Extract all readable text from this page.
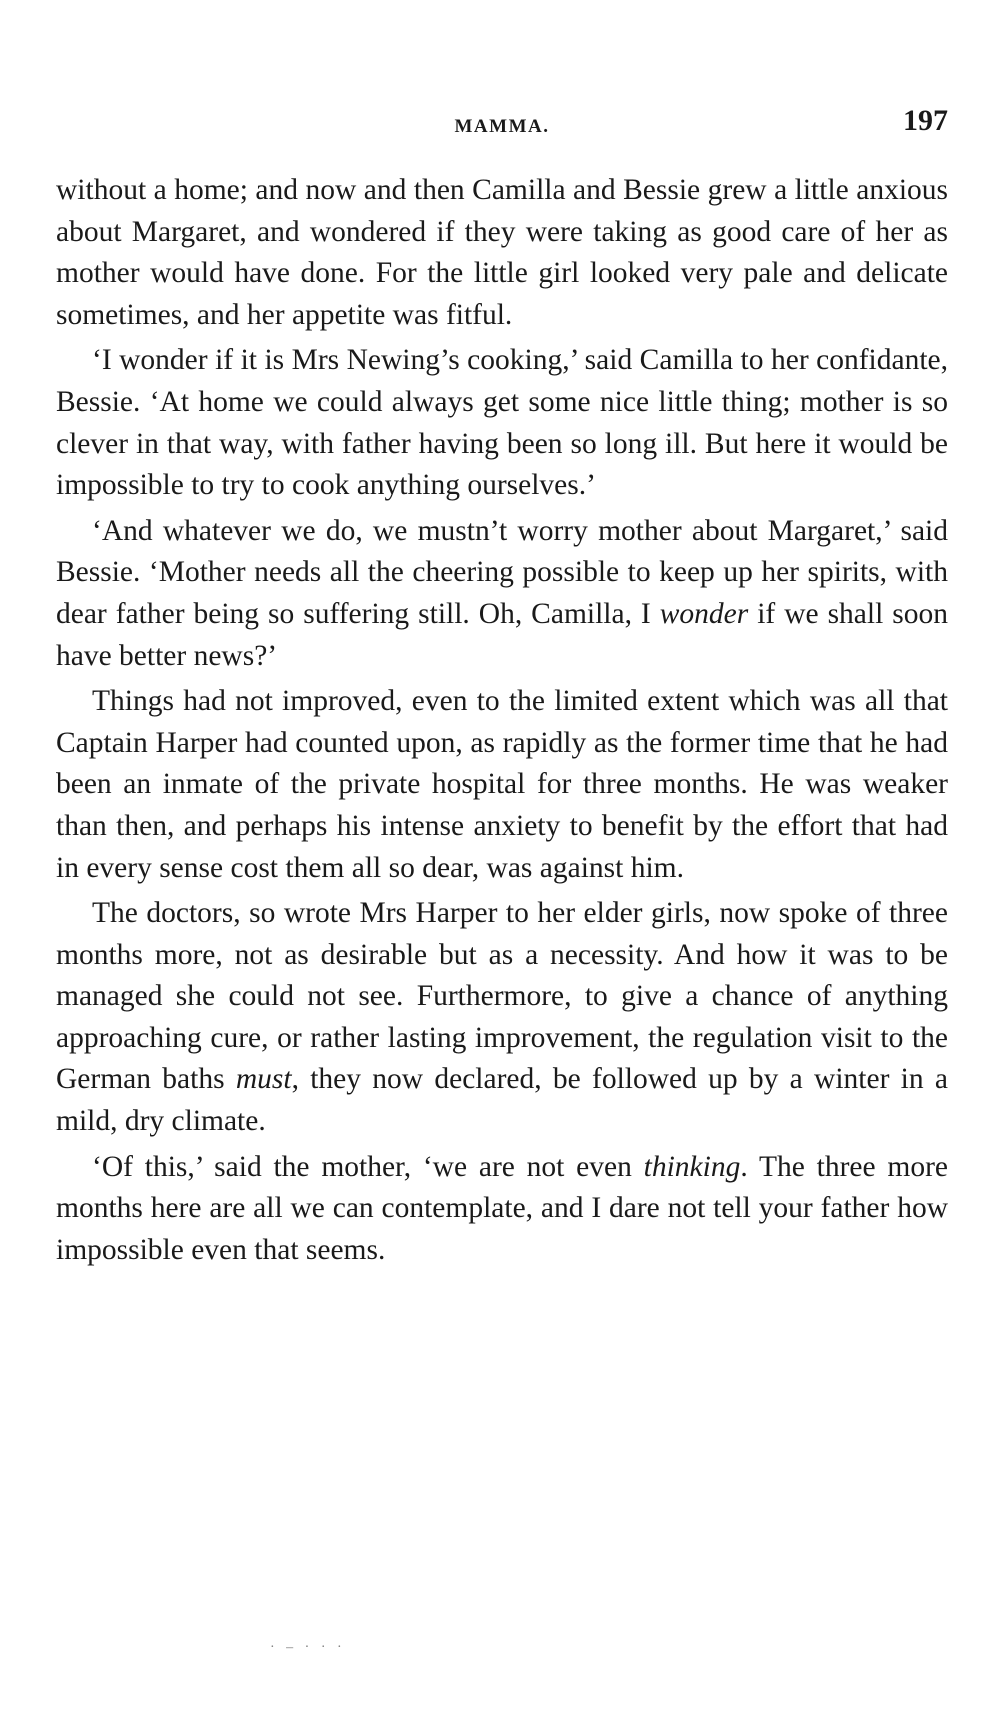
MAMMA.	197

without a home; and now and then Camilla and Bessie grew a little anxious about Margaret, and wondered if they were taking as good care of her as mother would have done. For the little girl looked very pale and delicate sometimes, and her appetite was fitful.

‘I wonder if it is Mrs Newing’s cooking,’ said Camilla to her confidante, Bessie. ‘At home we could always get some nice little thing; mother is so clever in that way, with father having been so long ill. But here it would be impossible to try to cook anything ourselves.’

‘And whatever we do, we mustn’t worry mother about Margaret,’ said Bessie. ‘Mother needs all the cheering possible to keep up her spirits, with dear father being so suffering still. Oh, Camilla, I wonder if we shall soon have better news?’

Things had not improved, even to the limited extent which was all that Captain Harper had counted upon, as rapidly as the former time that he had been an inmate of the private hospital for three months. He was weaker than then, and perhaps his intense anxiety to benefit by the effort that had in every sense cost them all so dear, was against him.

The doctors, so wrote Mrs Harper to her elder girls, now spoke of three months more, not as desirable but as a necessity. And how it was to be managed she could not see. Furthermore, to give a chance of anything approaching cure, or rather lasting improvement, the regulation visit to the German baths must, they now declared, be followed up by a winter in a mild, dry climate.

‘Of this,’ said the mother, ‘we are not even thinking. The three more months here are all we can contemplate, and I dare not tell your father how impossible even that seems.

· – · · ·
